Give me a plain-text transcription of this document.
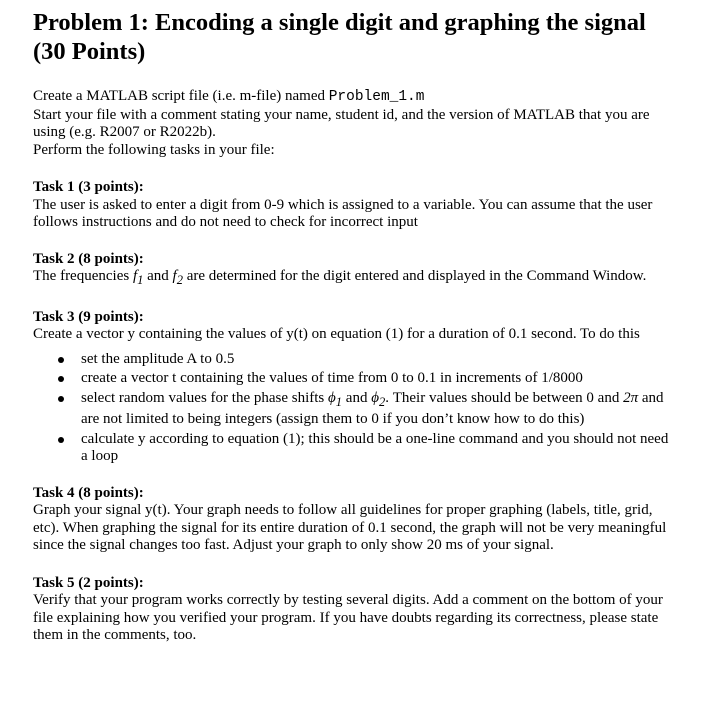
Problem 1: Encoding a single digit and graphing the signal
(30 Points)

Create a MATLAB script file (i.e. m-file) named Problem_1.m

Start your file with a comment stating your name, student id, and the version of MATLAB that you are using (e.g. R2007 or R2022b).

Perform the following tasks in your file:

Task 1 (3 points):

The user is asked to enter a digit from 0-9 which is assigned to a variable. You can assume that the user follows instructions and do not need to check for incorrect input

Task 2 (8 points):

The frequencies $f_1$ and $f_2$ are determined for the digit entered and displayed in the Command Window.

Task 3 (9 points):

Create a vector y containing the values of y(t) on equation (1) for a duration of 0.1 second. To do this

set the amplitude A to 0.5
create a vector t containing the values of time from 0 to 0.1 in increments of 1/8000
select random values for the phase shifts $\phi_1$ and $\phi_2$. Their values should be between 0 and 2π and are not limited to being integers (assign them to 0 if you don’t know how to do this)
calculate y according to equation (1); this should be a one-line command and you should not need a loop

Task 4 (8 points):

Graph your signal y(t). Your graph needs to follow all guidelines for proper graphing (labels, title, grid, etc). When graphing the signal for its entire duration of 0.1 second, the graph will not be very meaningful since the signal changes too fast. Adjust your graph to only show 20 ms of your signal.

Task 5 (2 points):

Verify that your program works correctly by testing several digits. Add a comment on the bottom of your file explaining how you verified your program. If you have doubts regarding its correctness, please state them in the comments, too.
